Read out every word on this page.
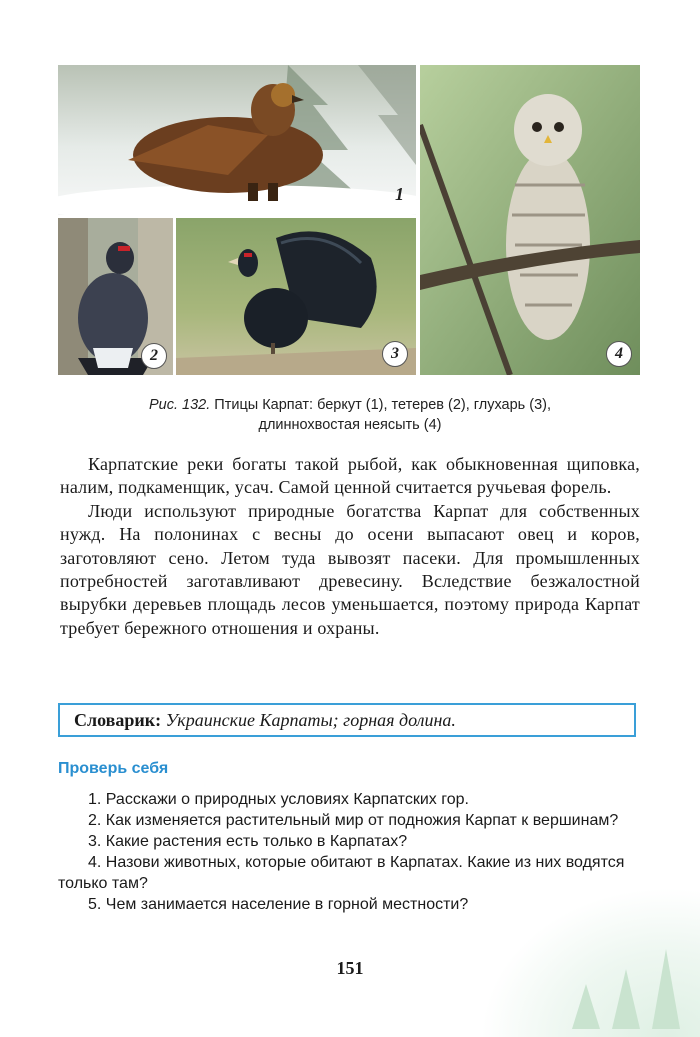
1
2	3	4
Рис. 132. Птицы Карпат: беркут (1), тетерев (2), глухарь (3),
длиннохвостая неясыть (4)

Карпатские реки богаты такой рыбой, как обыкновенная щиповка, налим, подкаменщик, усач. Самой ценной считается ручьевая форель.

Люди используют природные богатства Карпат для собственных нужд. На полонинах с весны до осени выпасают овец и коров, заготовляют сено. Летом туда вывозят пасеки. Для промышленных потребностей заготавливают древесину. Вследствие безжалостной вырубки деревьев площадь лесов уменьшается, поэтому природа Карпат требует бережного отношения и охраны.

Словарик: Украинские Карпаты; горная долина.
Проверь себя

1. Расскажи о природных условиях Карпатских гор.

2. Как изменяется растительный мир от подножия Карпат к вершинам?

3. Какие растения есть только в Карпатах?

4. Назови животных, которые обитают в Карпатах. Какие из них водятся только там?

5. Чем занимается население в горной местности?

151
